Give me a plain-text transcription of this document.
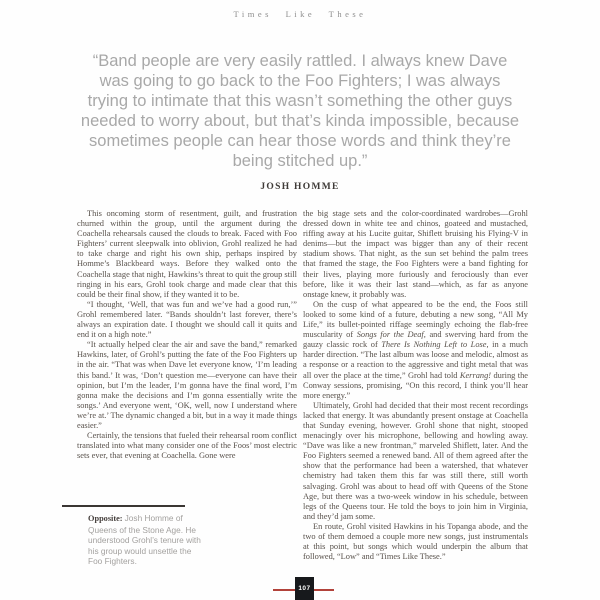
Times Like These
“Band people are very easily rattled. I always knew Dave
was going to go back to the Foo Fighters; I was always
trying to intimate that this wasn’t something the other guys
needed to worry about, but that’s kinda impossible, because
sometimes people can hear those words and think they’re
being stitched up.”
JOSH HOMME

This oncoming storm of resentment, guilt, and frustration churned within the group, until the argument during the Coachella rehearsals caused the clouds to break. Faced with Foo Fighters’ current sleepwalk into oblivion, Grohl realized he had to take charge and right his own ship, perhaps inspired by Homme’s Blackbeard ways. Before they walked onto the Coachella stage that night, Hawkins’s threat to quit the group still ringing in his ears, Grohl took charge and made clear that this could be their final show, if they wanted it to be.

“I thought, ‘Well, that was fun and we’ve had a good run,’” Grohl remembered later. “Bands shouldn’t last forever, there’s always an expiration date. I thought we should call it quits and end it on a high note.”

“It actually helped clear the air and save the band,” remarked Hawkins, later, of Grohl’s putting the fate of the Foo Fighters up in the air. “That was when Dave let everyone know, ‘I’m leading this band.’ It was, ‘Don’t question me—everyone can have their opinion, but I’m the leader, I’m gonna have the final word, I’m gonna make the decisions and I’m gonna essentially write the songs.’ And everyone went, ‘OK, well, now I understand where we’re at.’ The dynamic changed a bit, but in a way it made things easier.”

Certainly, the tensions that fueled their rehearsal room conflict translated into what many consider one of the Foos’ most electric sets ever, that evening at Coachella. Gone were

the big stage sets and the color-coordinated wardrobes—Grohl dressed down in white tee and chinos, goateed and mustached, riffing away at his Lucite guitar, Shiflett bruising his Flying-V in denims—but the impact was bigger than any of their recent stadium shows. That night, as the sun set behind the palm trees that framed the stage, the Foo Fighters were a band fighting for their lives, playing more furiously and ferociously than ever before, like it was their last stand—which, as far as anyone onstage knew, it probably was.

On the cusp of what appeared to be the end, the Foos still looked to some kind of a future, debuting a new song, “All My Life,” its bullet-pointed riffage seemingly echoing the flab-free muscularity of Songs for the Deaf, and swerving hard from the gauzy classic rock of There Is Nothing Left to Lose, in a much harder direction. “The last album was loose and melodic, almost as a response or a reaction to the aggressive and tight metal that was all over the place at the time,” Grohl had told Kerrang! during the Conway sessions, promising, “On this record, I think you’ll hear more energy.”

Ultimately, Grohl had decided that their most recent recordings lacked that energy. It was abundantly present onstage at Coachella that Sunday evening, however. Grohl shone that night, stooped menacingly over his microphone, bellowing and howling away. “Dave was like a new frontman,” marveled Shiflett, later. And the Foo Fighters seemed a renewed band. All of them agreed after the show that the performance had been a watershed, that whatever chemistry had taken them this far was still there, still worth salvaging. Grohl was about to head off with Queens of the Stone Age, but there was a two-week window in his schedule, between legs of the Queens tour. He told the boys to join him in Virginia, and they’d jam some.

En route, Grohl visited Hawkins in his Topanga abode, and the two of them demoed a couple more new songs, just instrumentals at this point, but songs which would underpin the album that followed, “Low” and “Times Like These.”

Opposite: Josh Homme of Queens of the Stone Age. He understood Grohl’s tenure with his group would unsettle the Foo Fighters.
107
